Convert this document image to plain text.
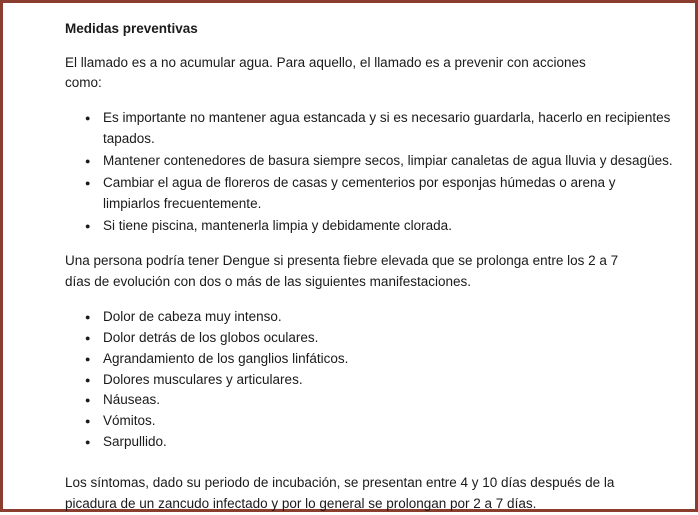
Medidas preventivas

El llamado es a no acumular agua. Para aquello, el llamado es a prevenir con acciones como:

● Es importante no mantener agua estancada y si es necesario guardarla, hacerlo en recipientes tapados.
● Mantener contenedores de basura siempre secos, limpiar canaletas de agua lluvia y desagües.
● Cambiar el agua de floreros de casas y cementerios por esponjas húmedas o arena y limpiarlos frecuentemente.
● Si tiene piscina, mantenerla limpia y debidamente clorada.

Una persona podría tener Dengue si presenta fiebre elevada que se prolonga entre los 2 a 7 días de evolución con dos o más de las siguientes manifestaciones.

● Dolor de cabeza muy intenso.
● Dolor detrás de los globos oculares.
● Agrandamiento de los ganglios linfáticos.
● Dolores musculares y articulares.
● Náuseas.
● Vómitos.
● Sarpullido.

Los síntomas, dado su periodo de incubación, se presentan entre 4 y 10 días después de la picadura de un zancudo infectado y por lo general se prolongan por 2 a 7 días.
